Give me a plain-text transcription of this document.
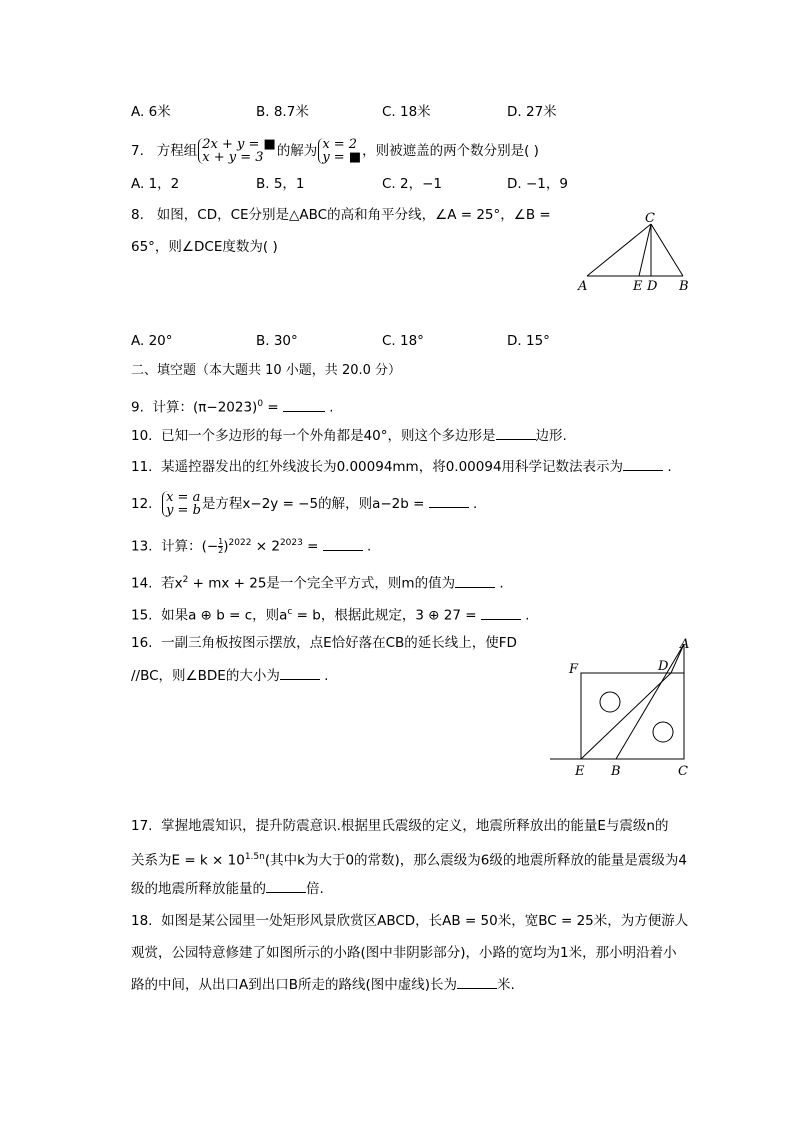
A. 6米	B. 8.7米	C. 18米	D. 27米
7. 方程组 2x + y = ■
x + y = 3 的解为 x = 2
y = ■，则被遮盖的两个数分别是( )
A. 1，2	B. 5，1	C. 2，−1	D. −1，9
8. 如图，CD，CE分别是△ABC的高和角平分线，∠A = 25°，∠B =
65°，则∠DCE度数为( )
C
A	E D B
A. 20°	B. 30°	C. 18°	D. 15°
二、填空题（本大题共 10 小题，共 20.0 分）
9. 计算：$(\pi-2023)^0$ =	.
10. 已知一个多边形的每一个外角都是40°，则这个多边形是	边形.
11. 某遥控器发出的红外线波长为0.00094mm，将0.00094用科学记数法表示为	.
12. x = a
y = b是方程x−2y = −5的解，则a−2b =	.
13. 计算：(− $\frac{1}{2} )^{2022} \times 2^{2023}$ =	.
14. 若$x^2$ + mx + 25是一个完全平方式，则m的值为	.
15. 如果a ⊕ b = c，则$a^c = b$，根据此规定，3 ⊕ 27 =	.
16. 一副三角板按图示摆放，点E恰好落在CB的延长线上，使FD
//BC，则∠BDE的大小为	.
A
F	D
E B	C
17. 掌握地震知识，提升防震意识.根据里氏震级的定义，地震所释放出的能量E与震级n的
关系为$E = k \times 10^{1.5n}$(其中k为大于0的常数)，那么震级为6级的地震所释放的能量是震级为4
级的地震所释放能量的	倍.
18. 如图是某公园里一处矩形风景欣赏区ABCD，长AB = 50米，宽BC = 25米，为方便游人
观赏，公园特意修建了如图所示的小路(图中非阴影部分)，小路的宽均为1米，那小明沿着小
路的中间，从出口A到出口B所走的路线(图中虚线)长为	米.
